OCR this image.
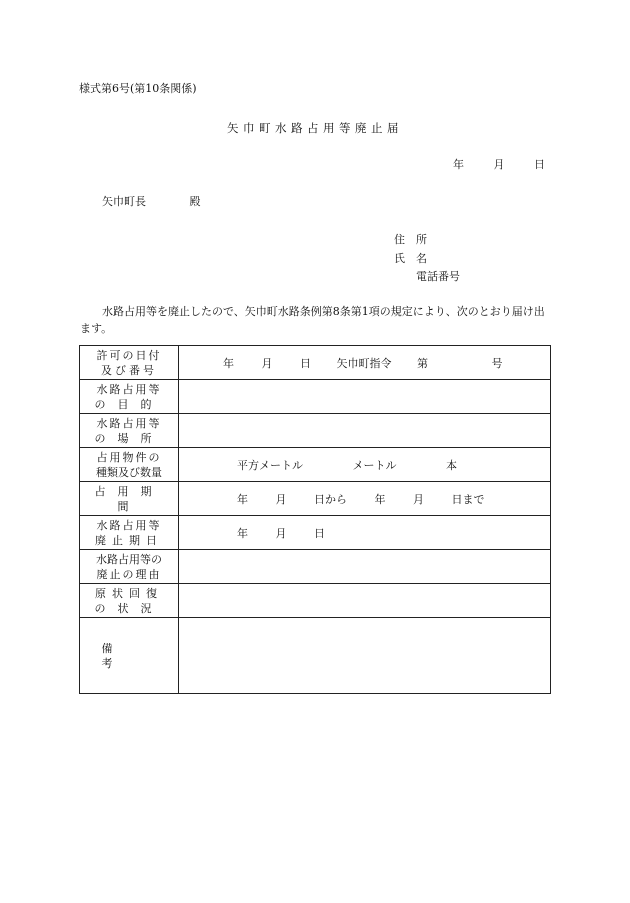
様式第6号(第10条関係)
矢巾町水路占用等廃止届
年	月	日
矢巾町長	殿
住　所
氏　名
電話番号
水路占用等を廃止したので、矢巾町水路条例第8条第1項の規定により、次のとおり届け出ます。
許可の日付
及び番号	年 月 日 矢巾町指令 第 号

水路占用等
の目的	

水路占用等
の場所	

占用物件の
種類及び数量	平方メートル メートル 本

占用期間	年 月 日から 年 月 日まで

水路占用等
廃止期日	年 月 日

水路占用等の
廃止の理由	

原状回復
の状況	

備考	
